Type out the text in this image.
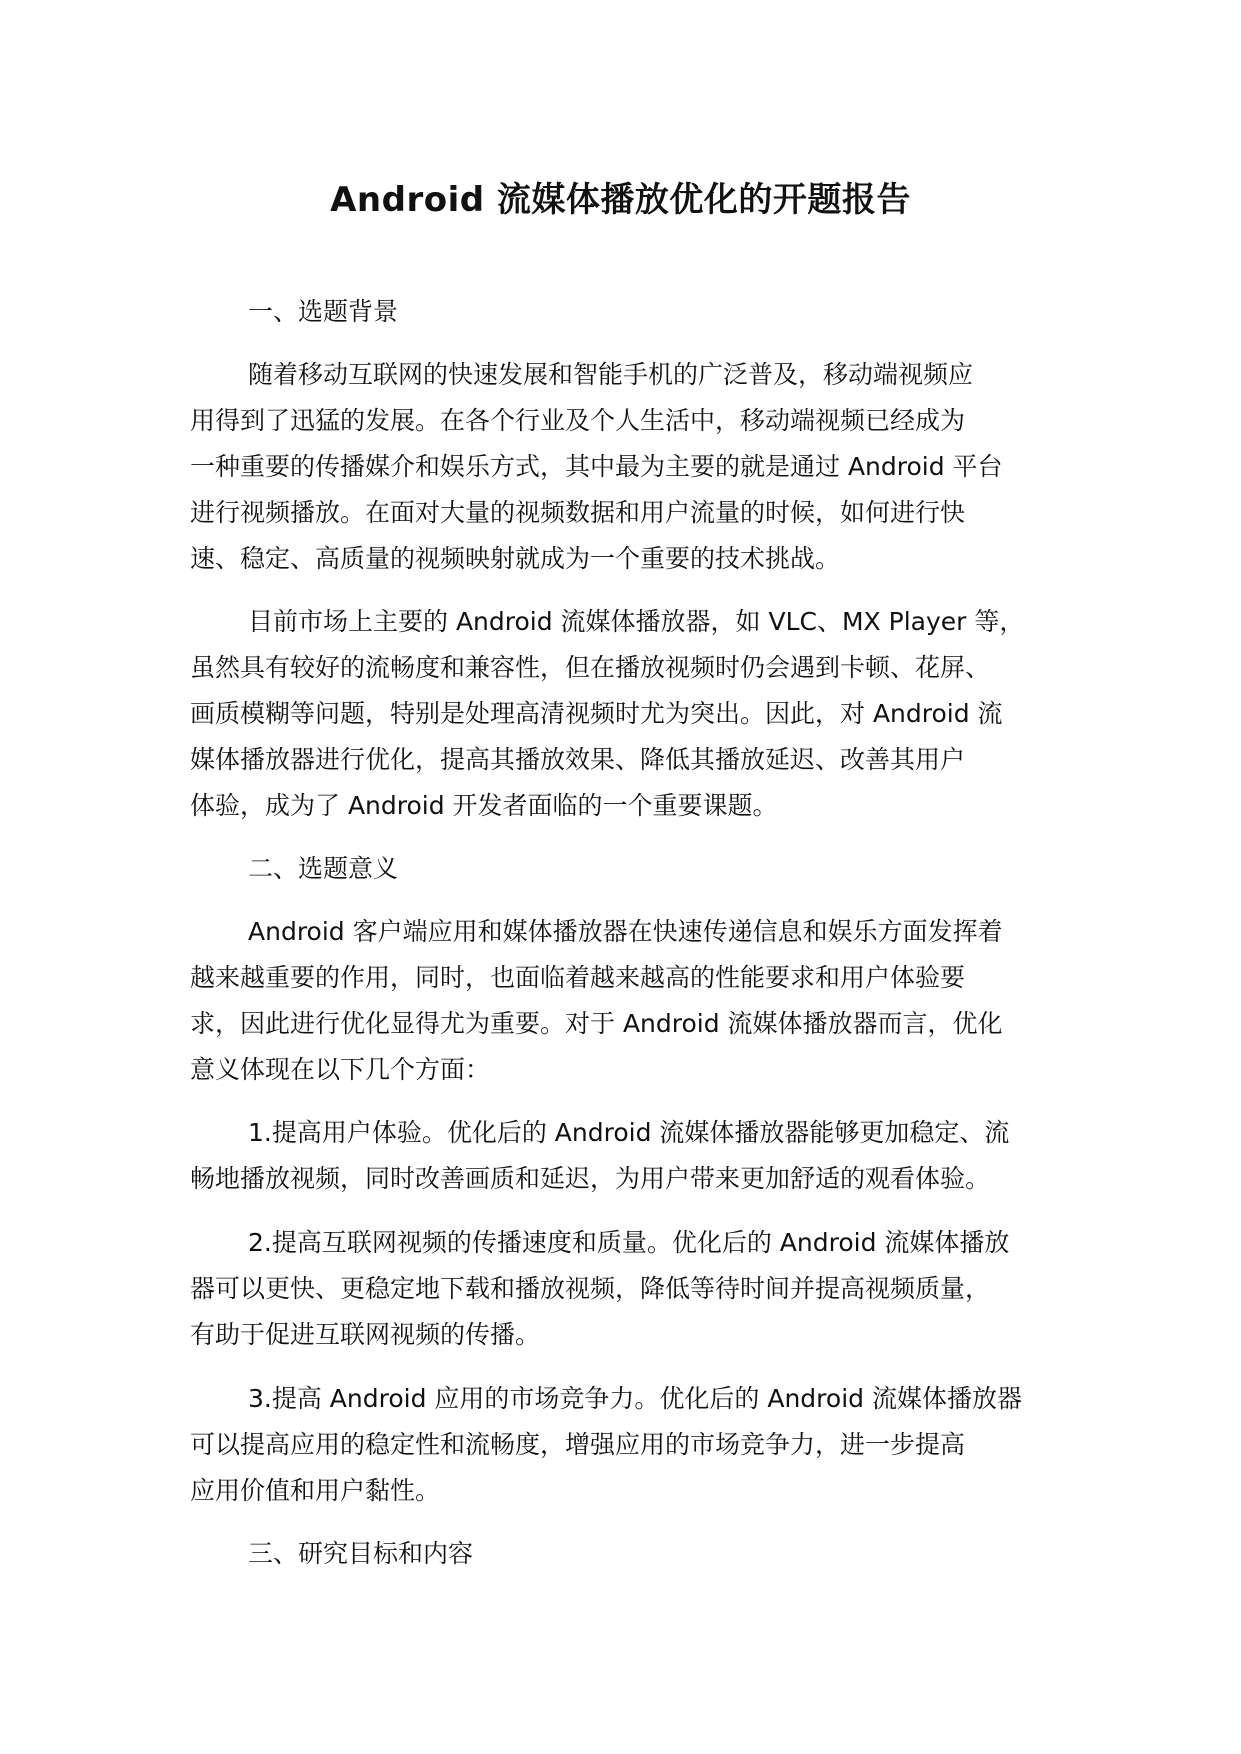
Android 流媒体播放优化的开题报告
一、选题背景
随着移动互联网的快速发展和智能手机的广泛普及，移动端视频应
用得到了迅猛的发展。在各个行业及个人生活中，移动端视频已经成为
一种重要的传播媒介和娱乐方式，其中最为主要的就是通过 Android 平台
进行视频播放。在面对大量的视频数据和用户流量的时候，如何进行快
速、稳定、高质量的视频映射就成为一个重要的技术挑战。
目前市场上主要的 Android 流媒体播放器，如 VLC、MX Player 等，
虽然具有较好的流畅度和兼容性，但在播放视频时仍会遇到卡顿、花屏、
画质模糊等问题，特别是处理高清视频时尤为突出。因此，对 Android 流
媒体播放器进行优化，提高其播放效果、降低其播放延迟、改善其用户
体验，成为了 Android 开发者面临的一个重要课题。
二、选题意义
Android 客户端应用和媒体播放器在快速传递信息和娱乐方面发挥着
越来越重要的作用，同时，也面临着越来越高的性能要求和用户体验要
求，因此进行优化显得尤为重要。对于 Android 流媒体播放器而言，优化
意义体现在以下几个方面：
1.提高用户体验。优化后的 Android 流媒体播放器能够更加稳定、流
畅地播放视频，同时改善画质和延迟，为用户带来更加舒适的观看体验。
2.提高互联网视频的传播速度和质量。优化后的 Android 流媒体播放
器可以更快、更稳定地下载和播放视频，降低等待时间并提高视频质量，
有助于促进互联网视频的传播。
3.提高 Android 应用的市场竞争力。优化后的 Android 流媒体播放器
可以提高应用的稳定性和流畅度，增强应用的市场竞争力，进一步提高
应用价值和用户黏性。
三、研究目标和内容
